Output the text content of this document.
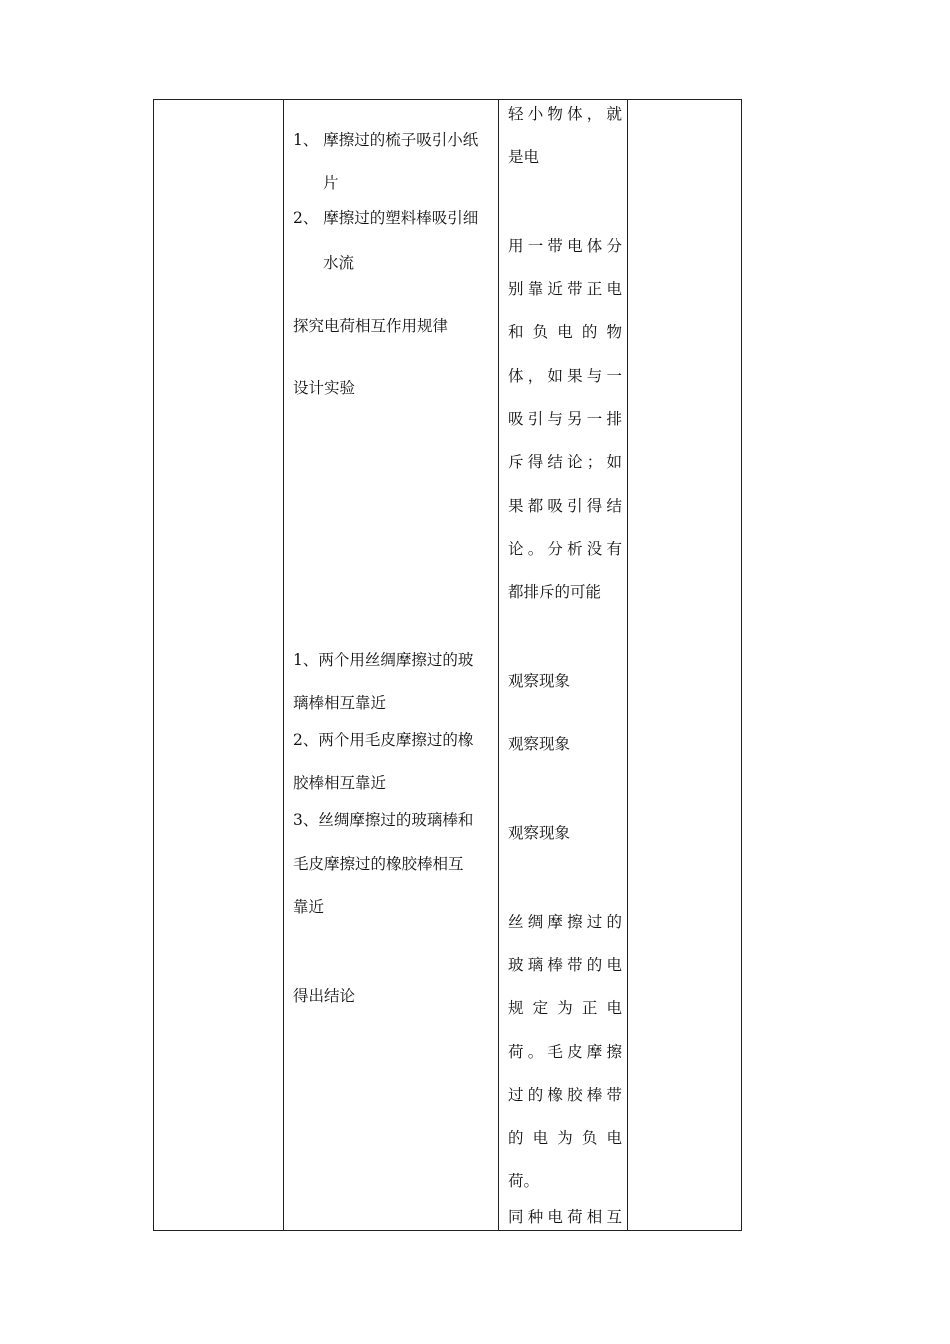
1、 摩擦过的梳子吸引小纸
片
2、 摩擦过的塑料棒吸引细
水流
探究电荷相互作用规律
设计实验
1、两个用丝绸摩擦过的玻
璃棒相互靠近
2、两个用毛皮摩擦过的橡
胶棒相互靠近
3、丝绸摩擦过的玻璃棒和
毛皮摩擦过的橡胶棒相互
靠近
得出结论
轻小物体，就
是电
用一带电体分
别靠近带正电
和负电的物
体，如果与一
吸引与另一排
斥得结论；如
果都吸引得结
论。分析没有
都排斥的可能
观察现象
观察现象
观察现象
丝绸摩擦过的
玻璃棒带的电
规定为正电
荷。毛皮摩擦
过的橡胶棒带
的电为负电
荷。
同种电荷相互
